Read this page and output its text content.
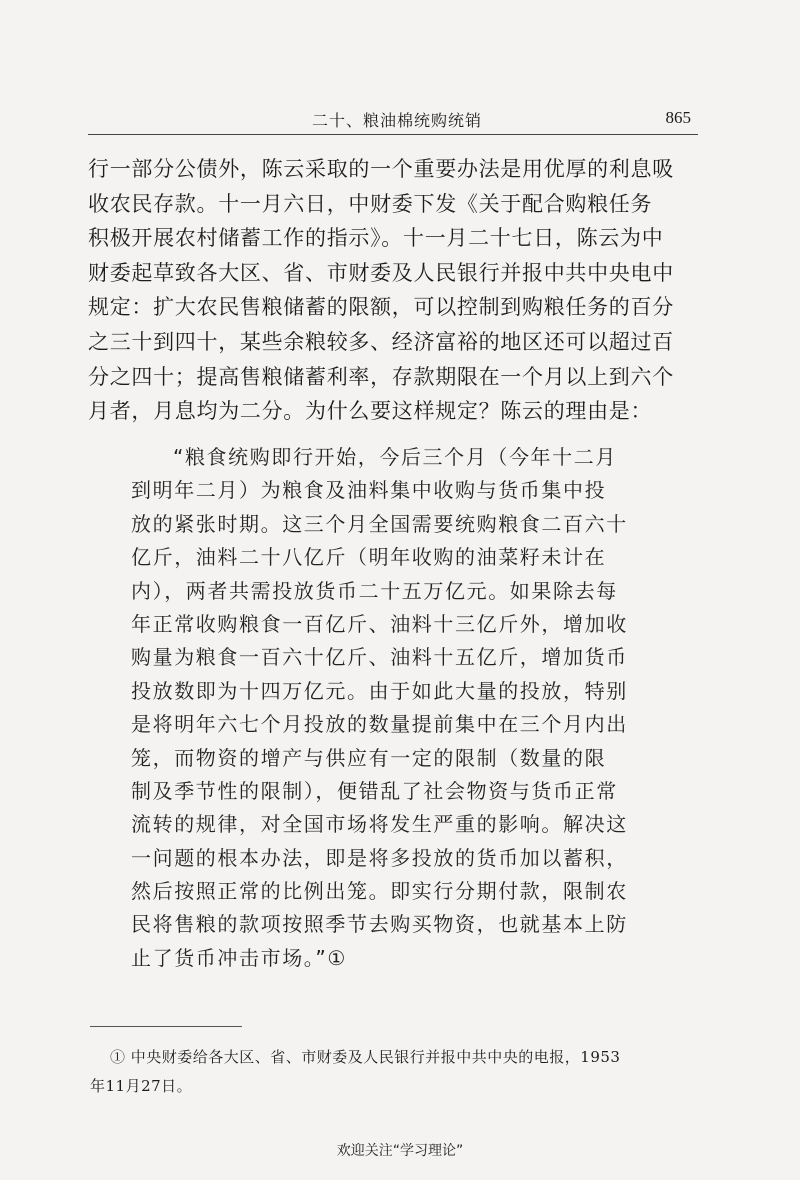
二十、粮油棉统购统销	865
行一部分公债外，陈云采取的一个重要办法是用优厚的利息吸
收农民存款。十一月六日，中财委下发《关于配合购粮任务
积极开展农村储蓄工作的指示》。十一月二十七日，陈云为中
财委起草致各大区、省、市财委及人民银行并报中共中央电中
规定：扩大农民售粮储蓄的限额，可以控制到购粮任务的百分
之三十到四十，某些余粮较多、经济富裕的地区还可以超过百
分之四十；提高售粮储蓄利率，存款期限在一个月以上到六个
月者，月息均为二分。为什么要这样规定？陈云的理由是：
“粮食统购即行开始，今后三个月（今年十二月
到明年二月）为粮食及油料集中收购与货币集中投
放的紧张时期。这三个月全国需要统购粮食二百六十
亿斤，油料二十八亿斤（明年收购的油菜籽未计在
内），两者共需投放货币二十五万亿元。如果除去每
年正常收购粮食一百亿斤、油料十三亿斤外，增加收
购量为粮食一百六十亿斤、油料十五亿斤，增加货币
投放数即为十四万亿元。由于如此大量的投放，特别
是将明年六七个月投放的数量提前集中在三个月内出
笼，而物资的增产与供应有一定的限制（数量的限
制及季节性的限制），便错乱了社会物资与货币正常
流转的规律，对全国市场将发生严重的影响。解决这
一问题的根本办法，即是将多投放的货币加以蓄积，
然后按照正常的比例出笼。即实行分期付款，限制农
民将售粮的款项按照季节去购买物资，也就基本上防
止了货币冲击市场。”①
① 中央财委给各大区、省、市财委及人民银行并报中共中央的电报，1953
年11月27日。
欢迎关注“学习理论”
